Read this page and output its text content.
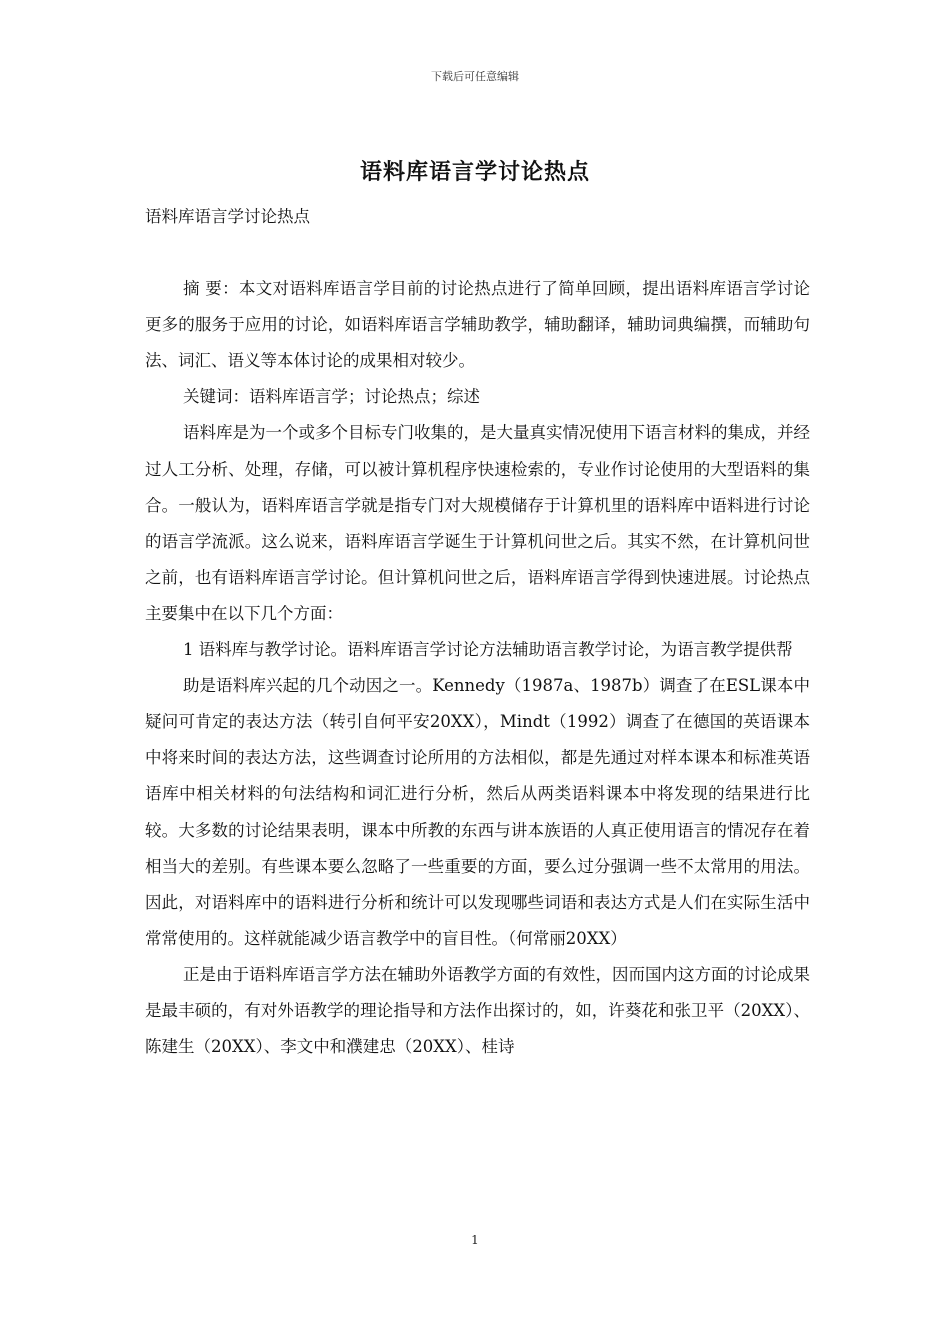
下载后可任意编辑
语料库语言学讨论热点

语料库语言学讨论热点

摘 要：本文对语料库语言学目前的讨论热点进行了简单回顾，提出语料库语言学讨论更多的服务于应用的讨论，如语料库语言学辅助教学，辅助翻译，辅助词典编撰，而辅助句法、词汇、语义等本体讨论的成果相对较少。

关键词：语料库语言学；讨论热点；综述

语料库是为一个或多个目标专门收集的，是大量真实情况使用下语言材料的集成，并经过人工分析、处理，存储，可以被计算机程序快速检索的，专业作讨论使用的大型语料的集合。一般认为，语料库语言学就是指专门对大规模储存于计算机里的语料库中语料进行讨论的语言学流派。这么说来，语料库语言学诞生于计算机问世之后。其实不然，在计算机问世之前，也有语料库语言学讨论。但计算机问世之后，语料库语言学得到快速进展。讨论热点主要集中在以下几个方面：

1 语料库与教学讨论。语料库语言学讨论方法辅助语言教学讨论，为语言教学提供帮

助是语料库兴起的几个动因之一。Kennedy（1987a、1987b）调查了在ESL课本中疑问可肯定的表达方法（转引自何平安20XX），Mindt（1992）调查了在德国的英语课本中将来时间的表达方法，这些调查讨论所用的方法相似，都是先通过对样本课本和标准英语语库中相关材料的句法结构和词汇进行分析，然后从两类语料课本中将发现的结果进行比较。大多数的讨论结果表明，课本中所教的东西与讲本族语的人真正使用语言的情况存在着相当大的差别。有些课本要么忽略了一些重要的方面，要么过分强调一些不太常用的用法。因此，对语料库中的语料进行分析和统计可以发现哪些词语和表达方式是人们在实际生活中常常使用的。这样就能减少语言教学中的盲目性。（何常丽20XX）

正是由于语料库语言学方法在辅助外语教学方面的有效性，因而国内这方面的讨论成果是最丰硕的，有对外语教学的理论指导和方法作出探讨的，如，许葵花和张卫平（20XX）、陈建生（20XX）、李文中和濮建忠（20XX）、桂诗

1
